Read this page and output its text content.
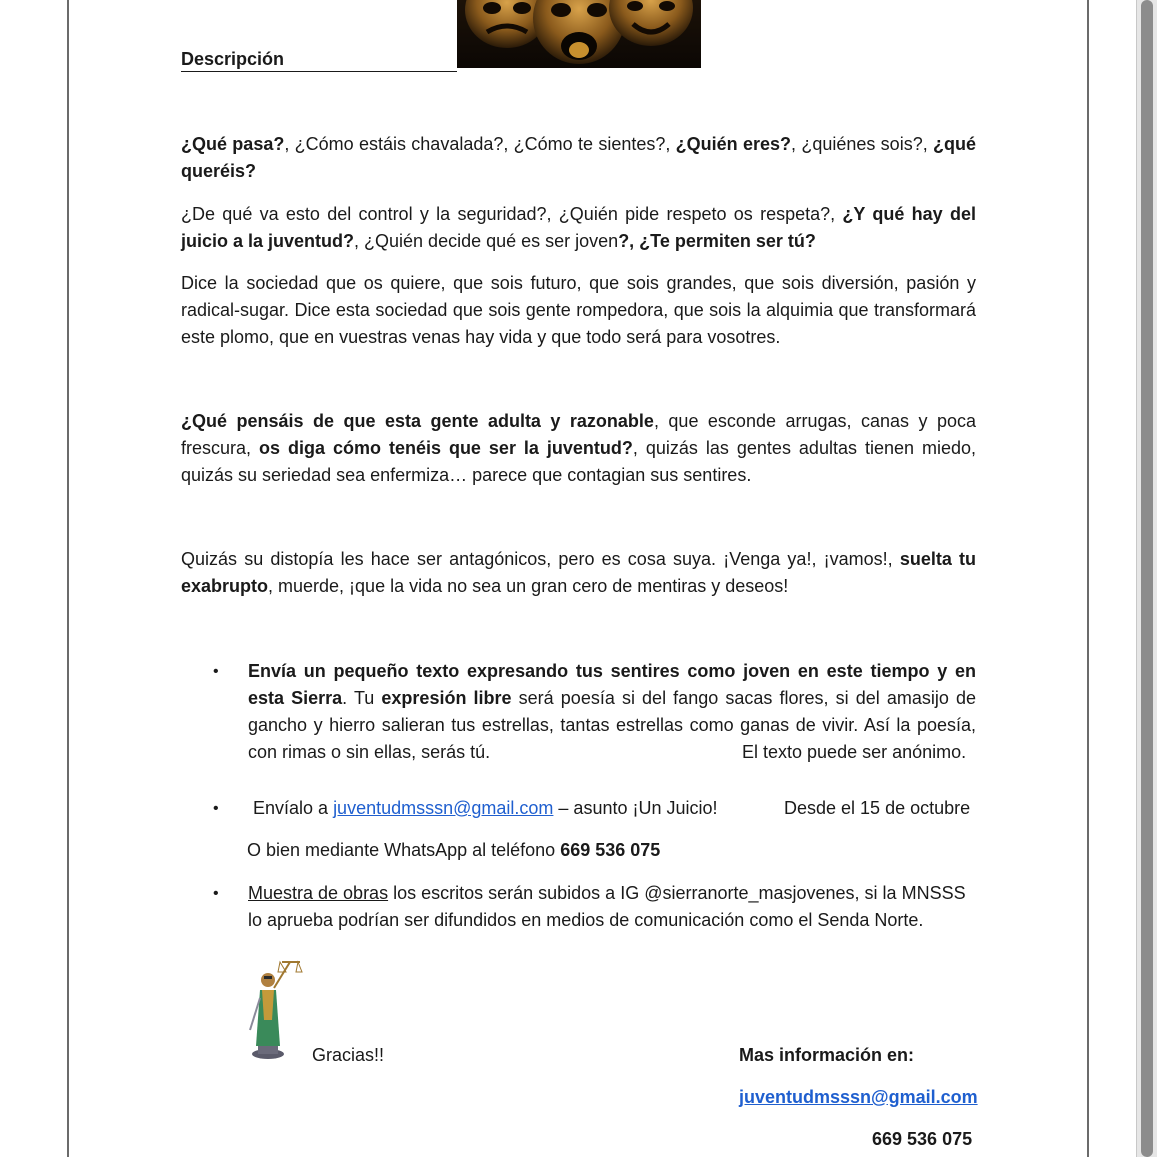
Descripción

¿Qué pasa?, ¿Cómo estáis chavalada?, ¿Cómo te sientes?, ¿Quién eres?, ¿quiénes sois?, ¿qué queréis?

¿De qué va esto del control y la seguridad?, ¿Quién pide respeto os respeta?, ¿Y qué hay del juicio a la juventud?, ¿Quién decide qué es ser joven?, ¿Te permiten ser tú?

Dice la sociedad que os quiere, que sois futuro, que sois grandes, que sois diversión, pasión y radical-sugar. Dice esta sociedad que sois gente rompedora, que sois la alquimia que transformará este plomo, que en vuestras venas hay vida y que todo será para vosotres.

¿Qué pensáis de que esta gente adulta y razonable, que esconde arrugas, canas y poca frescura, os diga cómo tenéis que ser la juventud?, quizás las gentes adultas tienen miedo, quizás su seriedad sea enfermiza… parece que contagian sus sentires.

Quizás su distopía les hace ser antagónicos, pero es cosa suya. ¡Venga ya!, ¡vamos!, suelta tu exabrupto, muerde, ¡que la vida no sea un gran cero de mentiras y deseos!

• Envía un pequeño texto expresando tus sentires como joven en este tiempo y en esta Sierra. Tu expresión libre será poesía si del fango sacas flores, si del amasijo de gancho y hierro salieran tus estrellas, tantas estrellas como ganas de vivir. Así la poesía, con rimas o sin ellas, serás tú.	El texto puede ser anónimo.
• Envíalo a juventudmsssn@gmail.com – asunto ¡Un Juicio!	Desde el 15 de octubre
O bien mediante WhatsApp al teléfono 669 536 075
• Muestra de obras los escritos serán subidos a IG @sierranorte_masjovenes, si la MNSSS lo aprueba podrían ser difundidos en medios de comunicación como el Senda Norte.

Gracias!!	Mas información en:
juventudmsssn@gmail.com
669 536 075
